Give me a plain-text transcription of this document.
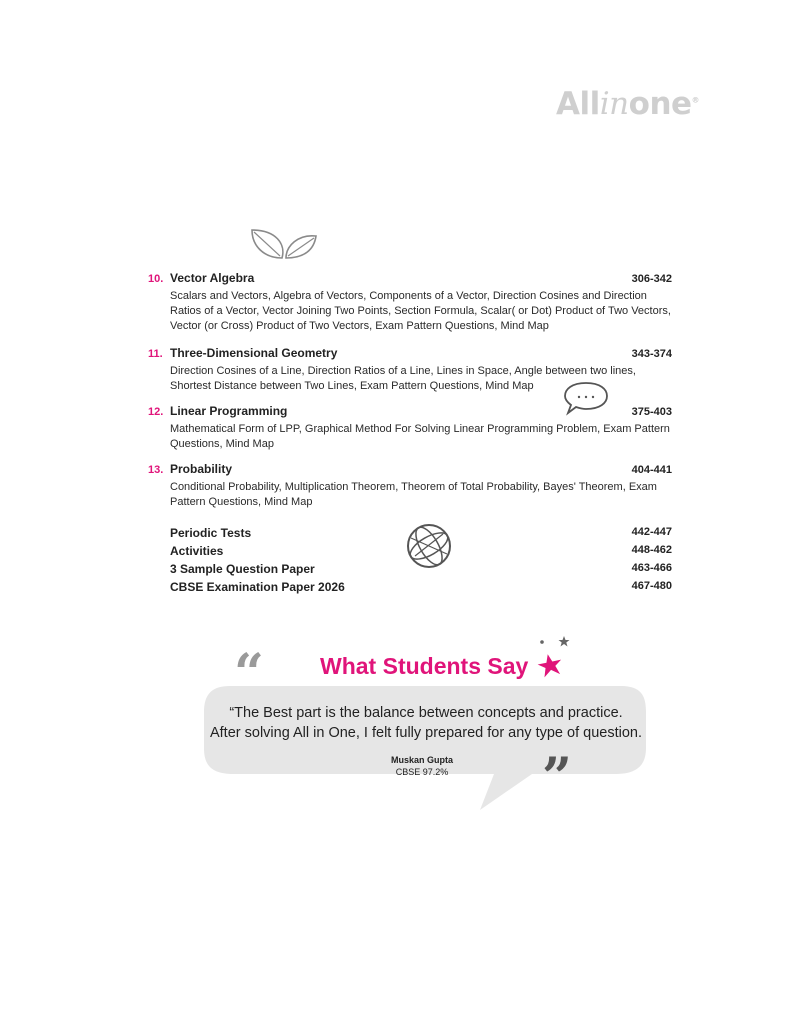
Allinone®
10. Vector Algebra	306-342
Scalars and Vectors, Algebra of Vectors, Components of a Vector, Direction Cosines and Direction Ratios of a Vector, Vector Joining Two Points, Section Formula, Scalar( or Dot) Product of Two Vectors, Vector (or Cross) Product of Two Vectors, Exam Pattern Questions, Mind Map
11. Three-Dimensional Geometry	343-374
Direction Cosines of a Line, Direction Ratios of a Line, Lines in Space, Angle between two lines, Shortest Distance between Two Lines, Exam Pattern Questions, Mind Map
12. Linear Programming	375-403
Mathematical Form of LPP, Graphical Method For Solving Linear Programming Problem, Exam Pattern Questions, Mind Map
13. Probability	404-441
Conditional Probability, Multiplication Theorem, Theorem of Total Probability, Bayes' Theorem, Exam Pattern Questions, Mind Map
Periodic Tests	442-447
Activities	448-462
3 Sample Question Paper	463-466
CBSE Examination Paper 2026	467-480
“ What Students Say
“The Best part is the balance between concepts and practice.
After solving All in One, I felt fully prepared for any type of question.
Muskan Gupta
CBSE 97.2% ”
